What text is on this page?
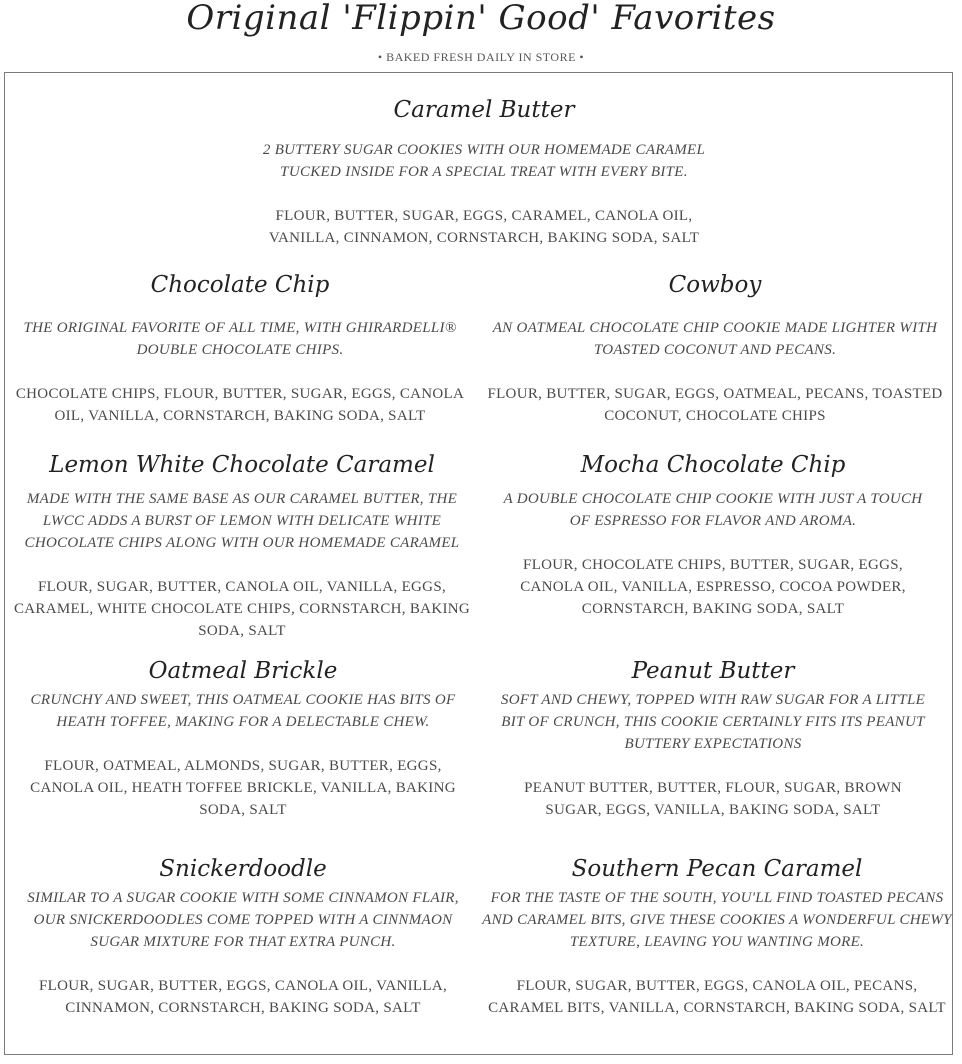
Original 'Flippin' Good' Favorites
• BAKED FRESH DAILY IN STORE •
Caramel Butter
2 BUTTERY SUGAR COOKIES WITH OUR HOMEMADE CARAMEL TUCKED INSIDE FOR A SPECIAL TREAT WITH EVERY BITE.
FLOUR, BUTTER, SUGAR, EGGS, CARAMEL, CANOLA OIL, VANILLA, CINNAMON, CORNSTARCH, BAKING SODA, SALT
Chocolate Chip
THE ORIGINAL FAVORITE OF ALL TIME, WITH GHIRARDELLI® DOUBLE CHOCOLATE CHIPS.
CHOCOLATE CHIPS, FLOUR, BUTTER, SUGAR, EGGS, CANOLA OIL, VANILLA, CORNSTARCH, BAKING SODA, SALT
Cowboy
AN OATMEAL CHOCOLATE CHIP COOKIE MADE LIGHTER WITH TOASTED COCONUT AND PECANS.
FLOUR, BUTTER, SUGAR, EGGS, OATMEAL, PECANS, TOASTED COCONUT, CHOCOLATE CHIPS
Lemon White Chocolate Caramel
MADE WITH THE SAME BASE AS OUR CARAMEL BUTTER, THE LWCC ADDS A BURST OF LEMON WITH DELICATE WHITE CHOCOLATE CHIPS ALONG WITH OUR HOMEMADE CARAMEL
FLOUR, SUGAR, BUTTER, CANOLA OIL, VANILLA, EGGS, CARAMEL, WHITE CHOCOLATE CHIPS, CORNSTARCH, BAKING SODA, SALT
Mocha Chocolate Chip
A DOUBLE CHOCOLATE CHIP COOKIE WITH JUST A TOUCH OF ESPRESSO FOR FLAVOR AND AROMA.
FLOUR, CHOCOLATE CHIPS, BUTTER, SUGAR, EGGS, CANOLA OIL, VANILLA, ESPRESSO, COCOA POWDER, CORNSTARCH, BAKING SODA, SALT
Oatmeal Brickle
CRUNCHY AND SWEET, THIS OATMEAL COOKIE HAS BITS OF HEATH TOFFEE, MAKING FOR A DELECTABLE CHEW.
FLOUR, OATMEAL, ALMONDS, SUGAR, BUTTER, EGGS, CANOLA OIL, HEATH TOFFEE BRICKLE, VANILLA, BAKING SODA, SALT
Peanut Butter
SOFT AND CHEWY, TOPPED WITH RAW SUGAR FOR A LITTLE BIT OF CRUNCH, THIS COOKIE CERTAINLY FITS ITS PEANUT BUTTERY EXPECTATIONS
PEANUT BUTTER, BUTTER, FLOUR, SUGAR, BROWN SUGAR, EGGS, VANILLA, BAKING SODA, SALT
Snickerdoodle
SIMILAR TO A SUGAR COOKIE WITH SOME CINNAMON FLAIR, OUR SNICKERDOODLES COME TOPPED WITH A CINNMAON SUGAR MIXTURE FOR THAT EXTRA PUNCH.
FLOUR, SUGAR, BUTTER, EGGS, CANOLA OIL, VANILLA, CINNAMON, CORNSTARCH, BAKING SODA, SALT
Southern Pecan Caramel
FOR THE TASTE OF THE SOUTH, YOU'LL FIND TOASTED PECANS AND CARAMEL BITS, GIVE THESE COOKIES A WONDERFUL CHEWY TEXTURE, LEAVING YOU WANTING MORE.
FLOUR, SUGAR, BUTTER, EGGS, CANOLA OIL, PECANS, CARAMEL BITS, VANILLA, CORNSTARCH, BAKING SODA, SALT
